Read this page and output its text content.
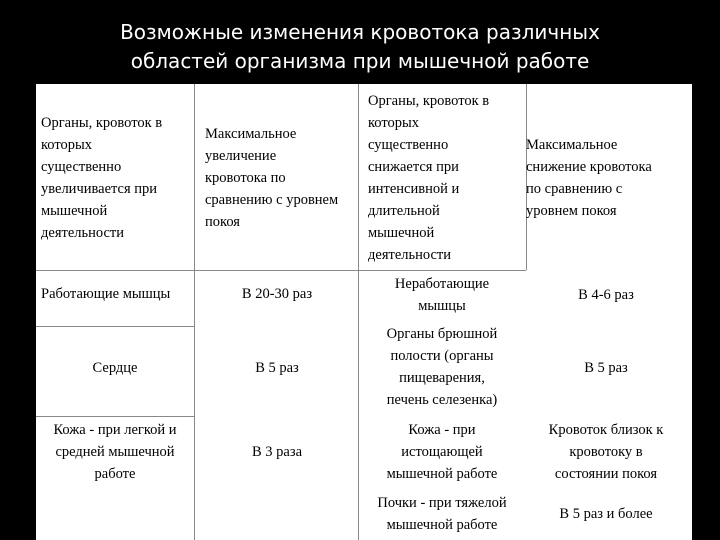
Возможные изменения кровотока различных
областей организма при мышечной работе
Органы, кровоток в
которых
существенно
увеличивается при
мышечной
деятельности
Максимальное
увеличение
кровотока по
сравнению с уровнем
покоя
Органы, кровоток в
которых
существенно
снижается при
интенсивной и
длительной
мышечной
деятельности
Максимальное
снижение кровотока
по сравнению с
уровнем покоя
Работающие мышцы	В 20-30 раз
Неработающие
мышцы
В 4-6 раз
Сердце	В 5 раз
Органы брюшной
полости (органы
пищеварения,
печень селезенка)
В 5 раз
Кожа - при легкой и
средней мышечной
работе
В 3 раза
Кожа - при
истощающей
мышечной работе
Кровоток близок к
кровотоку в
состоянии покоя
Почки - при тяжелой
мышечной работе
В 5 раз и более
